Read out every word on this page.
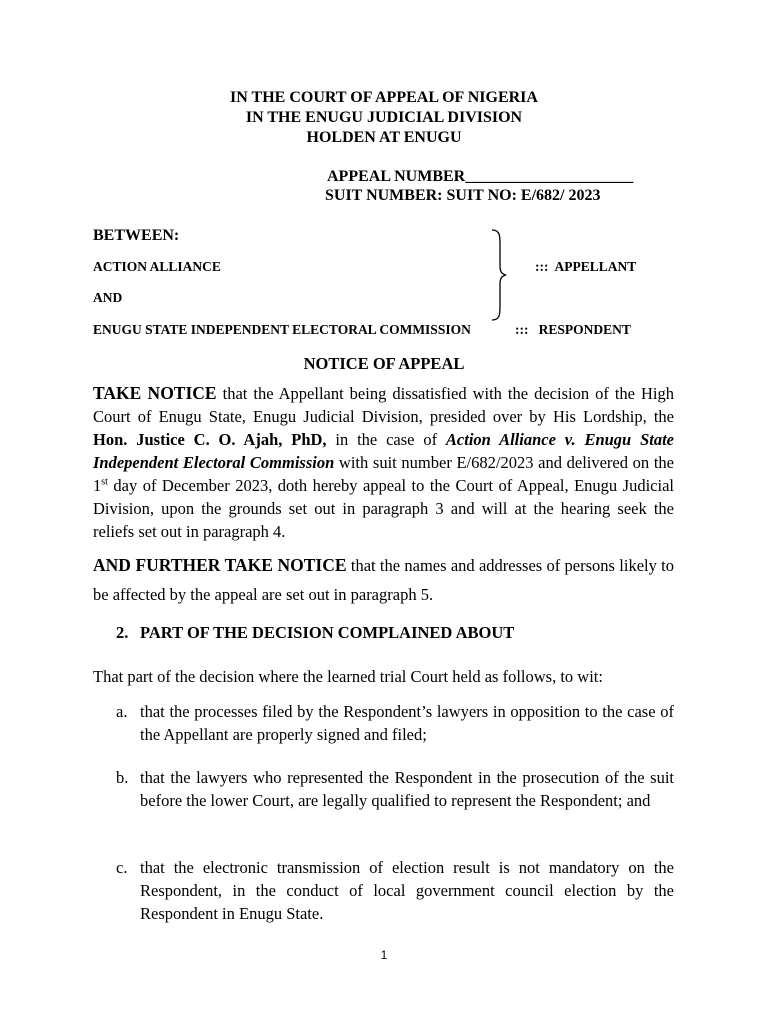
IN THE COURT OF APPEAL OF NIGERIA
IN THE ENUGU JUDICIAL DIVISION
HOLDEN AT ENUGU
APPEAL NUMBER_____________________
SUIT NUMBER: SUIT NO: E/682/ 2023
BETWEEN:
ACTION ALLIANCE	:::  APPELLANT
AND
ENUGU STATE INDEPENDENT ELECTORAL COMMISSION	:::   RESPONDENT
NOTICE OF APPEAL
TAKE NOTICE that the Appellant being dissatisfied with the decision of the High Court of Enugu State, Enugu Judicial Division, presided over by His Lordship, the Hon. Justice C. O. Ajah, PhD, in the case of Action Alliance v. Enugu State Independent Electoral Commission with suit number E/682/2023 and delivered on the 1st day of December 2023, doth hereby appeal to the Court of Appeal, Enugu Judicial Division, upon the grounds set out in paragraph 3 and will at the hearing seek the reliefs set out in paragraph 4.
AND FURTHER TAKE NOTICE that the names and addresses of persons likely to be affected by the appeal are set out in paragraph 5.
2. PART OF THE DECISION COMPLAINED ABOUT
That part of the decision where the learned trial Court held as follows, to wit:
a. that the processes filed by the Respondent’s lawyers in opposition to the case of the Appellant are properly signed and filed;
b. that the lawyers who represented the Respondent in the prosecution of the suit before the lower Court, are legally qualified to represent the Respondent; and
c. that the electronic transmission of election result is not mandatory on the Respondent, in the conduct of local government council election by the Respondent in Enugu State.
1
